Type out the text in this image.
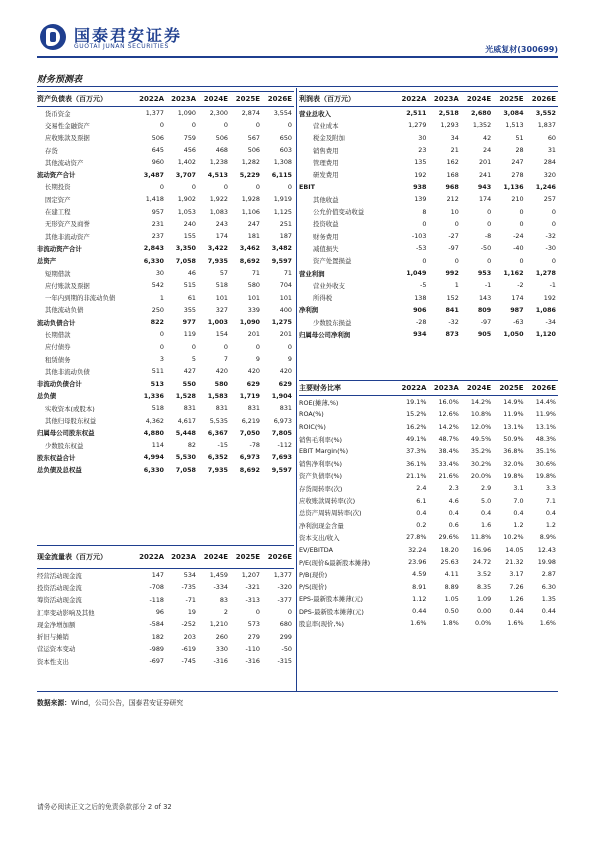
国泰君安证券
GUOTAI JUNAN SECURITIES	光威复材(300699)
财务预测表
资产负债表（百万元）	2022A	2023A	2024E	2025E	2026E
货币资金	1,377	1,090	2,300	2,874	3,554
交易性金融资产	0	0	0	0	0
应收账款及票据	506	759	506	567	650
存货	645	456	468	506	603
其他流动资产	960	1,402	1,238	1,282	1,308
流动资产合计	3,487	3,707	4,513	5,229	6,115
长期投资	0	0	0	0	0
固定资产	1,418	1,902	1,922	1,928	1,919
在建工程	957	1,053	1,083	1,106	1,125
无形资产及商誉	231	240	243	247	251
其他非流动资产	237	155	174	181	187
非流动资产合计	2,843	3,350	3,422	3,462	3,482
总资产	6,330	7,058	7,935	8,692	9,597
短期借款	30	46	57	71	71
应付账款及票据	542	515	518	580	704
一年内到期的非流动负债	1	61	101	101	101
其他流动负债	250	355	327	339	400
流动负债合计	822	977	1,003	1,090	1,275
长期借款	0	119	154	201	201
应付债券	0	0	0	0	0
租赁债务	3	5	7	9	9
其他非流动负债	511	427	420	420	420
非流动负债合计	513	550	580	629	629
总负债	1,336	1,528	1,583	1,719	1,904
实收资本(或股本)	518	831	831	831	831
其他归母股东权益	4,362	4,617	5,535	6,219	6,973
归属母公司股东权益	4,880	5,448	6,367	7,050	7,805
少数股东权益	114	82	-15	-78	-112
股东权益合计	4,994	5,530	6,352	6,973	7,693
总负债及总权益	6,330	7,058	7,935	8,692	9,597
现金流量表（百万元）	2022A	2023A	2024E	2025E	2026E
经营活动现金流	147	534	1,459	1,207	1,377
投资活动现金流	-708	-735	-334	-321	-320
筹资活动现金流	-118	-71	83	-313	-377
汇率变动影响及其他	96	19	2	0	0
现金净增加额	-584	-252	1,210	573	680
折旧与摊销	182	203	260	279	299
营运资本变动	-989	-619	330	-110	-50
资本性支出	-697	-745	-316	-316	-315
利润表（百万元）	2022A	2023A	2024E	2025E	2026E
营业总收入	2,511	2,518	2,680	3,084	3,552
营业成本	1,279	1,293	1,352	1,513	1,837
税金及附加	30	34	42	51	60
销售费用	23	21	24	28	31
管理费用	135	162	201	247	284
研发费用	192	168	241	278	320
EBIT	938	968	943	1,136	1,246
其他收益	139	212	174	210	257
公允价值变动收益	8	10	0	0	0
投资收益	0	0	0	0	0
财务费用	-103	-27	-8	-24	-32
减值损失	-53	-97	-50	-40	-30
资产处置损益	0	0	0	0	0
营业利润	1,049	992	953	1,162	1,278
营业外收支	-5	1	-1	-2	-1
所得税	138	152	143	174	192
净利润	906	841	809	987	1,086
少数股东损益	-28	-32	-97	-63	-34
归属母公司净利润	934	873	905	1,050	1,120
主要财务比率	2022A	2023A	2024E	2025E	2026E
ROE(摊薄,%)	19.1%	16.0%	14.2%	14.9%	14.4%
ROA(%)	15.2%	12.6%	10.8%	11.9%	11.9%
ROIC(%)	16.2%	14.2%	12.0%	13.1%	13.1%
销售毛利率(%)	49.1%	48.7%	49.5%	50.9%	48.3%
EBIT Margin(%)	37.3%	38.4%	35.2%	36.8%	35.1%
销售净利率(%)	36.1%	33.4%	30.2%	32.0%	30.6%
资产负债率(%)	21.1%	21.6%	20.0%	19.8%	19.8%
存货周转率(次)	2.4	2.3	2.9	3.1	3.3
应收账款周转率(次)	6.1	4.6	5.0	7.0	7.1
总资产周转周转率(次)	0.4	0.4	0.4	0.4	0.4
净利润现金含量	0.2	0.6	1.6	1.2	1.2
资本支出/收入	27.8%	29.6%	11.8%	10.2%	8.9%
EV/EBITDA	32.24	18.20	16.96	14.05	12.43
P/E(现价&最新股本摊薄)	23.96	25.63	24.72	21.32	19.98
P/B(现价)	4.59	4.11	3.52	3.17	2.87
P/S(现价)	8.91	8.89	8.35	7.26	6.30
EPS-最新股本摊薄(元)	1.12	1.05	1.09	1.26	1.35
DPS-最新股本摊薄(元)	0.44	0.50	0.00	0.44	0.44
股息率(现价,%)	1.6%	1.8%	0.0%	1.6%	1.6%
数据来源：Wind，公司公告，国泰君安证券研究
请务必阅读正文之后的免责条款部分 2 of 32
